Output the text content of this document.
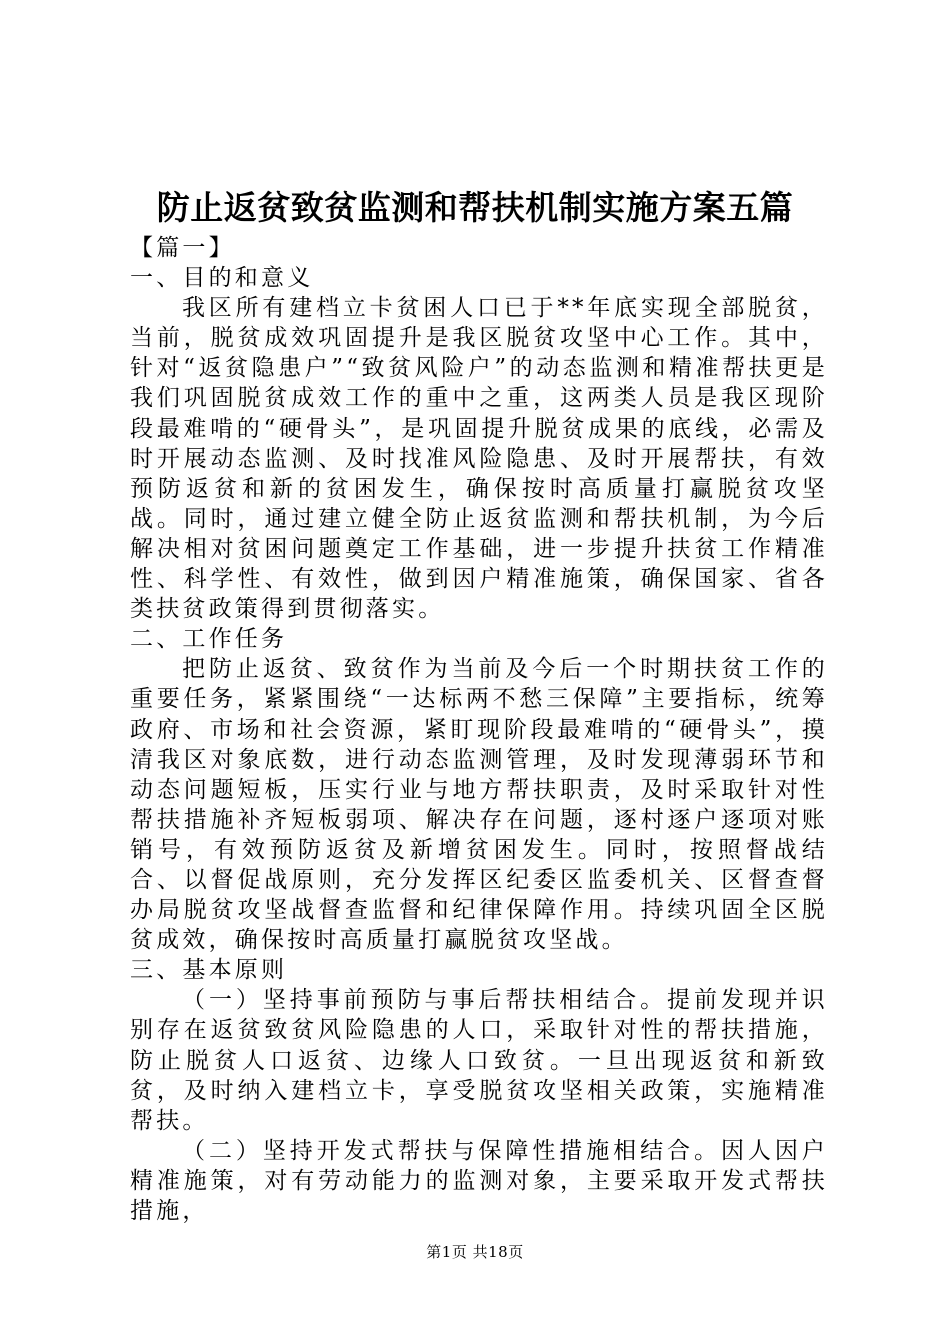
防止返贫致贫监测和帮扶机制实施方案五篇

【篇一】

一、目的和意义

我区所有建档立卡贫困人口已于**年底实现全部脱贫，当前，脱贫成效巩固提升是我区脱贫攻坚中心工作。其中，针对“返贫隐患户”“致贫风险户”的动态监测和精准帮扶更是我们巩固脱贫成效工作的重中之重，这两类人员是我区现阶段最难啃的“硬骨头”，是巩固提升脱贫成果的底线，必需及时开展动态监测、及时找准风险隐患、及时开展帮扶，有效预防返贫和新的贫困发生，确保按时高质量打赢脱贫攻坚战。同时，通过建立健全防止返贫监测和帮扶机制，为今后解决相对贫困问题奠定工作基础，进一步提升扶贫工作精准性、科学性、有效性，做到因户精准施策，确保国家、省各类扶贫政策得到贯彻落实。

二、工作任务

把防止返贫、致贫作为当前及今后一个时期扶贫工作的重要任务，紧紧围绕“一达标两不愁三保障”主要指标，统筹政府、市场和社会资源，紧盯现阶段最难啃的“硬骨头”，摸清我区对象底数，进行动态监测管理，及时发现薄弱环节和动态问题短板，压实行业与地方帮扶职责，及时采取针对性帮扶措施补齐短板弱项、解决存在问题，逐村逐户逐项对账销号，有效预防返贫及新增贫困发生。同时，按照督战结合、以督促战原则，充分发挥区纪委区监委机关、区督查督办局脱贫攻坚战督查监督和纪律保障作用。持续巩固全区脱贫成效，确保按时高质量打赢脱贫攻坚战。

三、基本原则

（一）坚持事前预防与事后帮扶相结合。提前发现并识别存在返贫致贫风险隐患的人口，采取针对性的帮扶措施，防止脱贫人口返贫、边缘人口致贫。一旦出现返贫和新致贫，及时纳入建档立卡，享受脱贫攻坚相关政策，实施精准帮扶。

（二）坚持开发式帮扶与保障性措施相结合。因人因户精准施策，对有劳动能力的监测对象，主要采取开发式帮扶措施，

第1页 共18页
